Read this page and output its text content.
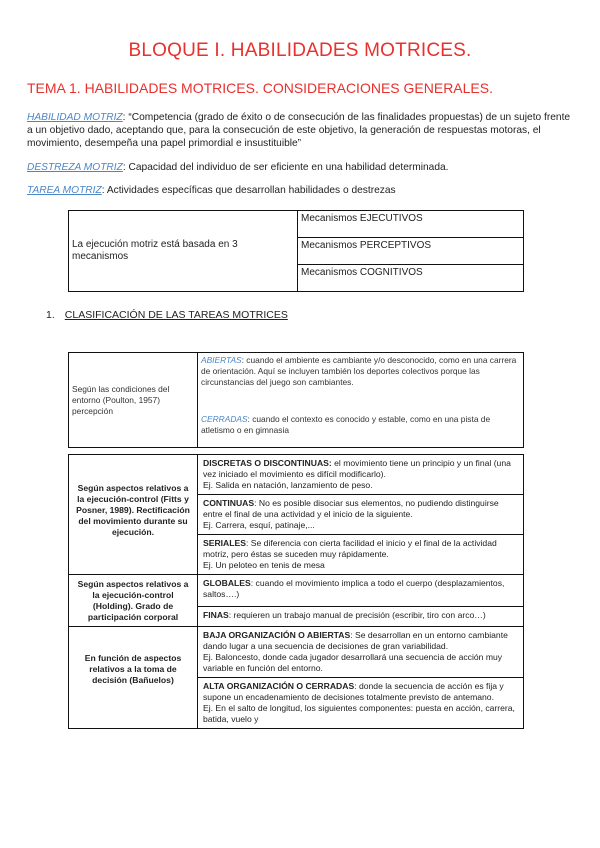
BLOQUE I. HABILIDADES MOTRICES.
TEMA 1. HABILIDADES MOTRICES. CONSIDERACIONES GENERALES.
HABILIDAD MOTRIZ: “Competencia (grado de éxito o de consecución de las finalidades propuestas) de un sujeto frente a un objetivo dado, aceptando que, para la consecución de este objetivo, la generación de respuestas motoras, el movimiento, desempeña una papel primordial e insustituible”
DESTREZA MOTRIZ: Capacidad del individuo de ser eficiente en una habilidad determinada.
TAREA MOTRIZ: Actividades específicas que desarrollan habilidades o destrezas
La ejecución motriz está basada en 3 mecanismos	Mecanismos EJECUTIVOS
Mecanismos PERCEPTIVOS
Mecanismos COGNITIVOS
1. CLASIFICACIÓN DE LAS TAREAS MOTRICES
Según las condiciones del entorno (Poulton, 1957) percepción	ABIERTAS: cuando el ambiente es cambiante y/o desconocido, como en una carrera de orientación. Aquí se incluyen también los deportes colectivos porque las circunstancias del juego son cambiantes.
CERRADAS: cuando el contexto es conocido y estable, como en una pista de atletismo o en gimnasia
Según aspectos relativos a la ejecución-control (Fitts y Posner, 1989). Rectificación del movimiento durante su ejecución.	DISCRETAS O DISCONTINUAS: el movimiento tiene un principio y un final (una vez iniciado el movimiento es difícil modificarlo).
Ej. Salida en natación, lanzamiento de peso.
	CONTINUAS: No es posible disociar sus elementos, no pudiendo distinguirse entre el final de una actividad y el inicio de la siguiente.
Ej. Carrera, esquí, patinaje,...
	SERIALES: Se diferencia con cierta facilidad el inicio y el final de la actividad motriz, pero éstas se suceden muy rápidamente.
Ej. Un peloteo en tenis de mesa
Según aspectos relativos a la ejecución-control (Holding). Grado de participación corporal	GLOBALES: cuando el movimiento implica a todo el cuerpo (desplazamientos, saltos….)
	FINAS: requieren un trabajo manual de precisión (escribir, tiro con arco…)
En función de aspectos relativos a la toma de decisión (Bañuelos)	BAJA ORGANIZACIÓN O ABIERTAS: Se desarrollan en un entorno cambiante dando lugar a una secuencia de decisiones de gran variabilidad.
Ej. Baloncesto, donde cada jugador desarrollará una secuencia de acción muy variable en función del entorno.
	ALTA ORGANIZACIÓN O CERRADAS: donde la secuencia de acción es fija y supone un encadenamiento de decisiones totalmente previsto de antemano.
Ej. En el salto de longitud, los siguientes componentes: puesta en acción, carrera, batida, vuelo y
